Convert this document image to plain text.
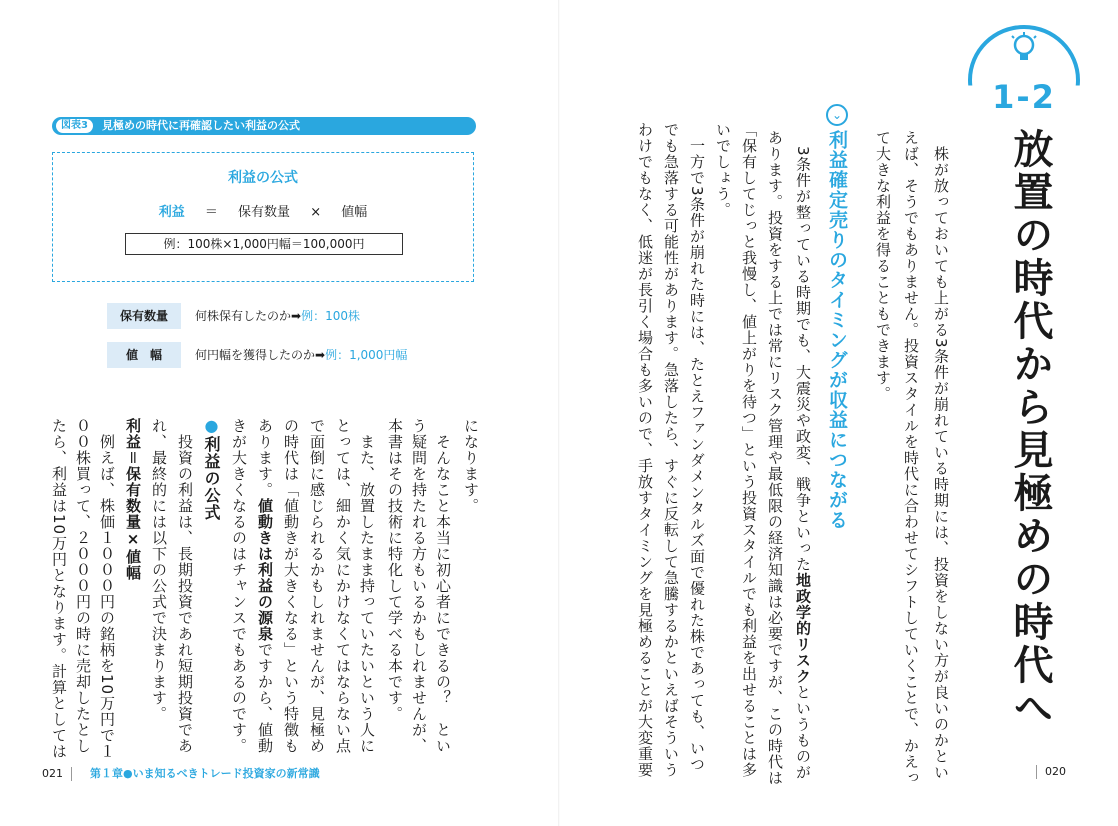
図表3	見極めの時代に再確認したい利益の公式
利益の公式
利益 ＝ 保有数量 × 値幅
例：100株×1,000円幅＝100,000円
保有数量	何株保有したのか➡例：100株
値　幅	何円幅を獲得したのか➡例：1,000円幅
になります。
　そんなこと本当に初心者にできるの？　とい
う疑問を持たれる方もいるかもしれませんが、
本書はその技術に特化して学べる本です。
　また、放置したまま持っていたいという人に
とっては、細かく気にかけなくてはならない点
で面倒に感じられるかもしれませんが、見極め
の時代は「値動きが大きくなる」という特徴も
あります。値動きは利益の源泉ですから、値動
きが大きくなるのはチャンスでもあるのです。
●利益の公式
　投資の利益は、長期投資であれ短期投資であ
れ、最終的には以下の公式で決まります。
利益＝保有数量×値幅
　例えば、株価１０００円の銘柄を10万円で１
００株買って、２０００円の時に売却したとし
たら、利益は10万円となります。計算としては
021 第１章●いま知るべきトレード投資家の新常識
1-2
放置の時代から見極めの時代へ
　株が放っておいても上がる3条件が崩れている時期には、投資をしない方が良いのかとい
えば、そうでもありません。投資スタイルを時代に合わせてシフトしていくことで、かえっ
て大きな利益を得ることもできます。
⌄
利益確定売りのタイミングが収益につながる
　3条件が整っている時期でも、大震災や政変、戦争といった地政学的リスクというものが
あります。投資をする上では常にリスク管理や最低限の経済知識は必要ですが、この時代は
「保有してじっと我慢し、値上がりを待つ」という投資スタイルでも利益を出せることは多
いでしょう。
　一方で3条件が崩れた時には、たとえファンダメンタルズ面で優れた株であっても、いつ
でも急落する可能性があります。急落したら、すぐに反転して急騰するかといえばそういう
わけでもなく、低迷が長引く場合も多いので、手放すタイミングを見極めることが大変重要	020
